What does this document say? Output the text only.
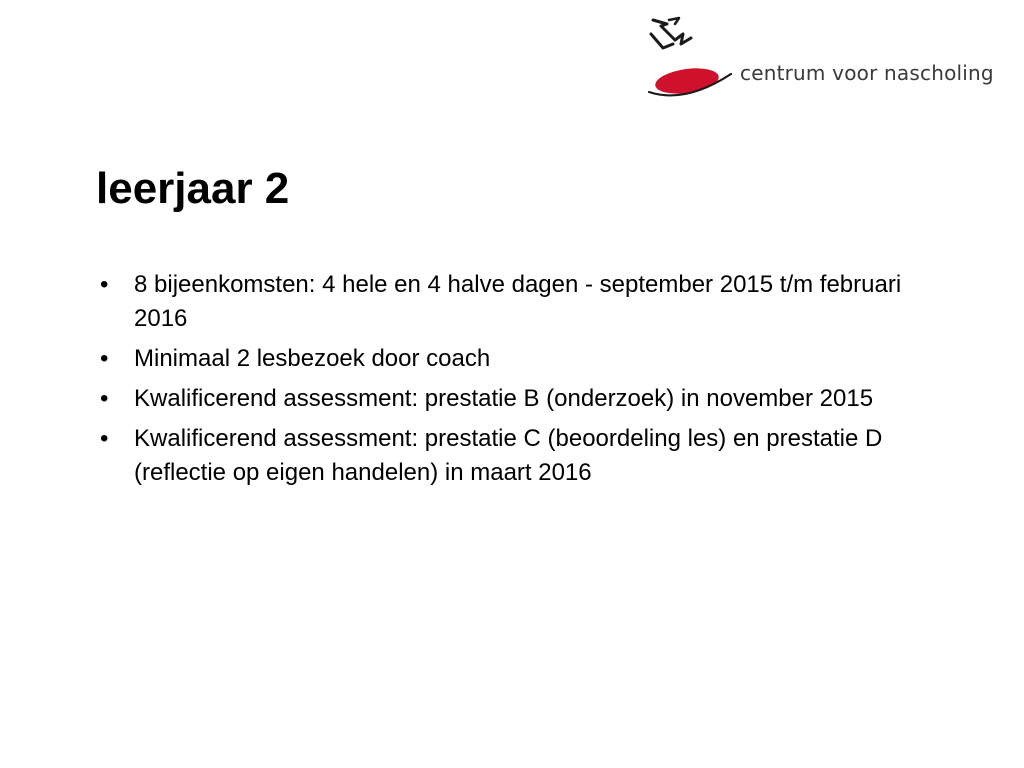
centrum voor nascholing
leerjaar 2
•	8 bijeenkomsten: 4 hele en 4 halve dagen - september 2015 t/m februari 2016
•	Minimaal 2 lesbezoek door coach
•	Kwalificerend assessment: prestatie B (onderzoek) in november 2015
•	Kwalificerend assessment: prestatie C (beoordeling les) en prestatie D (reflectie op eigen handelen) in maart 2016
